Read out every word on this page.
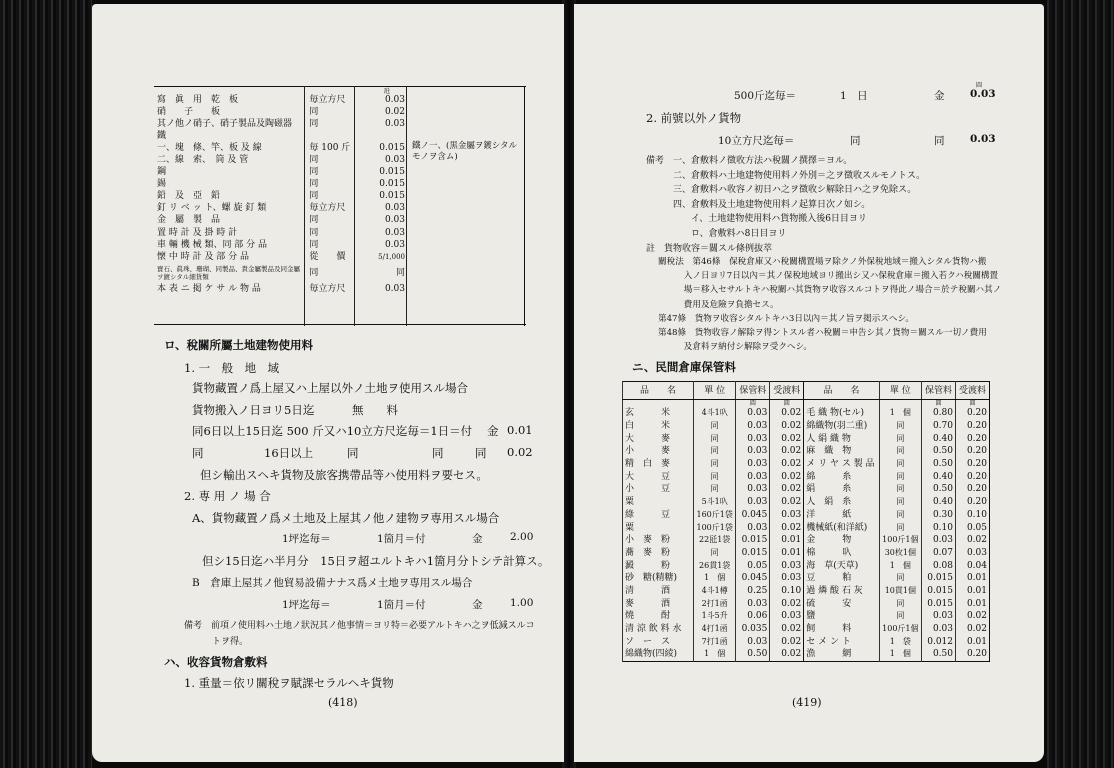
瓩
寫　眞　用　乾　板	毎立方尺	0.03
硝　　子　　板	同	0.02
其ノ他ノ硝子、硝子製品及陶磁器	同	0.03
鐵		
一、塊　條、竿、板 及 線	毎 100 斤	0.015
二、線　索、　筒 及 管	同	0.03
鋼	同	0.015
錫	同	0.015
鉛　及　亞　鉛	同	0.015
釘 リ ベ ッ ト、螺 旋 釘 類	毎立方尺	0.03
金　屬　製　品	同	0.03
置 時 計 及 掛 時 計	同	0.03
車 輛 機 械 類、同 部 分 品	同	0.03
懐 中 時 計 及 部 分 品	從　　價	5/1,000
寶石、眞珠、珊瑚、同製品、貴金屬製品及同金屬ヲ鍍シタル細貨類	同	同
本 表 ニ 掲 ケ サ ル 物 品	毎立方尺	0.03
鐵ノ一、(黒金屬ヲ鍍シタルモノヲ含ム)
ロ、稅關所屬土地建物使用料
1. 一　般　地　域
貨物藏置ノ爲上屋又ハ上屋以外ノ土地ヲ使用スル場合
貨物搬入ノ日ヨリ5日迄	無　　料
同6日以上15日迄 500 斤又ハ10立方尺迄毎＝1日＝付 金 0.01
同	16日以上	同	同	同 0.02
但シ輸出スヘキ貨物及旅客携帶品等ハ使用料ヲ要セス。
2. 専 用 ノ 場 合
A、貨物藏置ノ爲メ土地及上屋其ノ他ノ建物ヲ専用スル場合
1坪迄毎＝	1箇月＝付	金	2.00
但シ15日迄ハ半月分　15日ヲ超ユルトキハ1箇月分トシテ計算ス。
B　倉庫上屋其ノ他貿易設備ナナス爲メ土地ヲ専用スル場合
1坪迄毎＝	1箇月＝付	金	1.00
備考　前項ノ使用料ハ土地ノ狀況其ノ他事情＝ヨリ特＝必要アルトキハ之ヲ低減スルコ
トヲ得。
ハ、收容貨物倉敷料
1. 重量＝依リ關稅ヲ賦課セラルヘキ貨物
(418)
圓
500斤迄毎＝	1　日	金 0.03
2. 前號以外ノ貨物
10立方尺迄毎＝	同	同 0.03
備考　一、倉敷料ノ徴收方法ハ稅關ノ撰擇＝ヨル。
　　　二、倉敷料ハ土地建物使用料ノ外別＝之ヲ徴收スルモノトス。
　　　三、倉敷料ハ收容ノ初日ハ之ヲ徴收シ解除日ハ之ヲ免除ス。
　　　四、倉敷料及土地建物使用料ノ起算日次ノ如シ。
　　　　　イ、土地建物使用料ハ貨物搬入後6日目ヨリ
　　　　　ロ、倉敷料ハ8日目ヨリ
註　貨物收容＝關スル條例抜萃
關稅法　第46條　保稅倉庫又ハ稅關構置場ヲ除クノ外保稅地域＝搬入シタル貨物ハ搬
　　　入ノ日ヨリ7日以內＝其ノ保稅地域ヨリ搬出シ又ハ保稅倉庫＝搬入若クハ稅關構置
　　　場＝移入セサルトキハ稅關ハ其貨物ヲ收容スルコトヲ得此ノ場合＝於テ稅關ハ其ノ
　　　費用及危險ヲ負擔セス。
第47條　貨物ヲ收容シタルトキハ3日以內＝其ノ旨ヲ掲示スヘシ。
第48條　貨物收容ノ解除ヲ得ントスル者ハ稅關＝申告シ其ノ貨物＝關スル一切ノ費用
　　　及倉料ヲ納付シ解除ヲ受クヘシ。
ニ、民間倉庫保管料
品　　名	單 位	保管料	受渡料	品　　名	單 位	保管料	受渡料
		圓	圓			圓	圓
玄　　　米	4斗1叺	0.03	0.02	毛 織 物(セル)	1　個	0.80	0.20
白　　　米	同	0.03	0.02	綿織物(羽二重)	同	0.70	0.20
大　　　麥	同	0.03	0.02	人 絹 織 物	同	0.40	0.20
小　　　麥	同	0.03	0.02	麻　織　物	同	0.50	0.20
精　白　麥	同	0.03	0.02	メ リ ヤ ス 製 品	同	0.50	0.20
大　　　豆	同	0.03	0.02	綿　　　糸	同	0.40	0.20
小　　　豆	同	0.03	0.02	絹　　　糸	同	0.50	0.20
粟	5斗1叺	0.03	0.02	人　絹　糸	同	0.40	0.20
綠　　　豆	160斤1袋	0.045	0.03	洋　　　紙	同	0.30	0.10
粟	100斤1袋	0.03	0.02	機械紙(和洋紙)	同	0.10	0.05
小　麥　粉	22瓩1袋	0.015	0.01	金　　　物	100斤1個	0.03	0.02
蕎　麥　粉	同	0.015	0.01	棉　　　叺	30枚1個	0.07	0.03
澱　　　粉	26貫1袋	0.05	0.03	海　草(天草)	1　個	0.08	0.04
砂　糖(精糖)	1　個	0.045	0.03	豆　　　粕	同	0.015	0.01
清　　　酒	4斗1樽	0.25	0.10	過 燐 酸 石 灰	10貫1個	0.015	0.01
麥　　　酒	2打1函	0.03	0.02	硫　　　安	同	0.015	0.01
燒　　　酎	1斗5升	0.06	0.03	鹽	同	0.03	0.02
清 涼 飲 料 水	4打1函	0.035	0.02	飼　　　料	100斤1個	0.03	0.02
ソ　ー　ス	7打1函	0.03	0.02	セ メ ン ト	1　袋	0.012	0.01
綿織物(四綾)	1　個	0.50	0.02	漁　　　網	1　個	0.50	0.20
(419)
